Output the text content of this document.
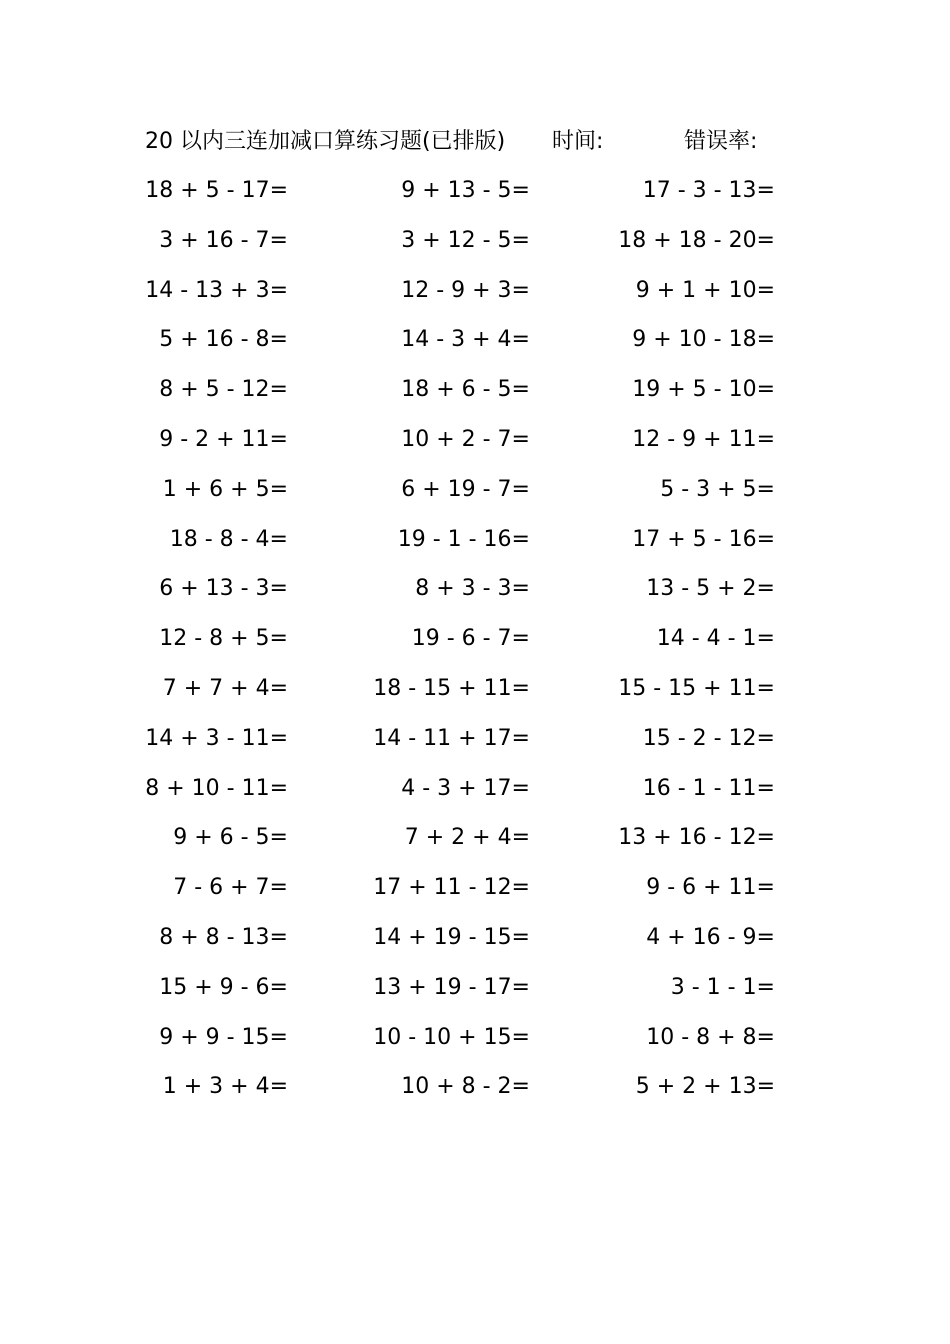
20 以内三连加减口算练习题(已排版) 时间:	错误率:
18 + 5 - 17=	9 + 13 - 5=	17 - 3 - 13=
3 + 16 - 7=	3 + 12 - 5=	18 + 18 - 20=
14 - 13 + 3=	12 - 9 + 3=	9 + 1 + 10=
5 + 16 - 8=	14 - 3 + 4=	9 + 10 - 18=
8 + 5 - 12=	18 + 6 - 5=	19 + 5 - 10=
9 - 2 + 11=	10 + 2 - 7=	12 - 9 + 11=
1 + 6 + 5=	6 + 19 - 7=	5 - 3 + 5=
18 - 8 - 4=	19 - 1 - 16=	17 + 5 - 16=
6 + 13 - 3=	8 + 3 - 3=	13 - 5 + 2=
12 - 8 + 5=	19 - 6 - 7=	14 - 4 - 1=
7 + 7 + 4=	18 - 15 + 11=	15 - 15 + 11=
14 + 3 - 11=	14 - 11 + 17=	15 - 2 - 12=
8 + 10 - 11=	4 - 3 + 17=	16 - 1 - 11=
9 + 6 - 5=	7 + 2 + 4=	13 + 16 - 12=
7 - 6 + 7=	17 + 11 - 12=	9 - 6 + 11=
8 + 8 - 13=	14 + 19 - 15=	4 + 16 - 9=
15 + 9 - 6=	13 + 19 - 17=	3 - 1 - 1=
9 + 9 - 15=	10 - 10 + 15=	10 - 8 + 8=
1 + 3 + 4=	10 + 8 - 2=	5 + 2 + 13=
